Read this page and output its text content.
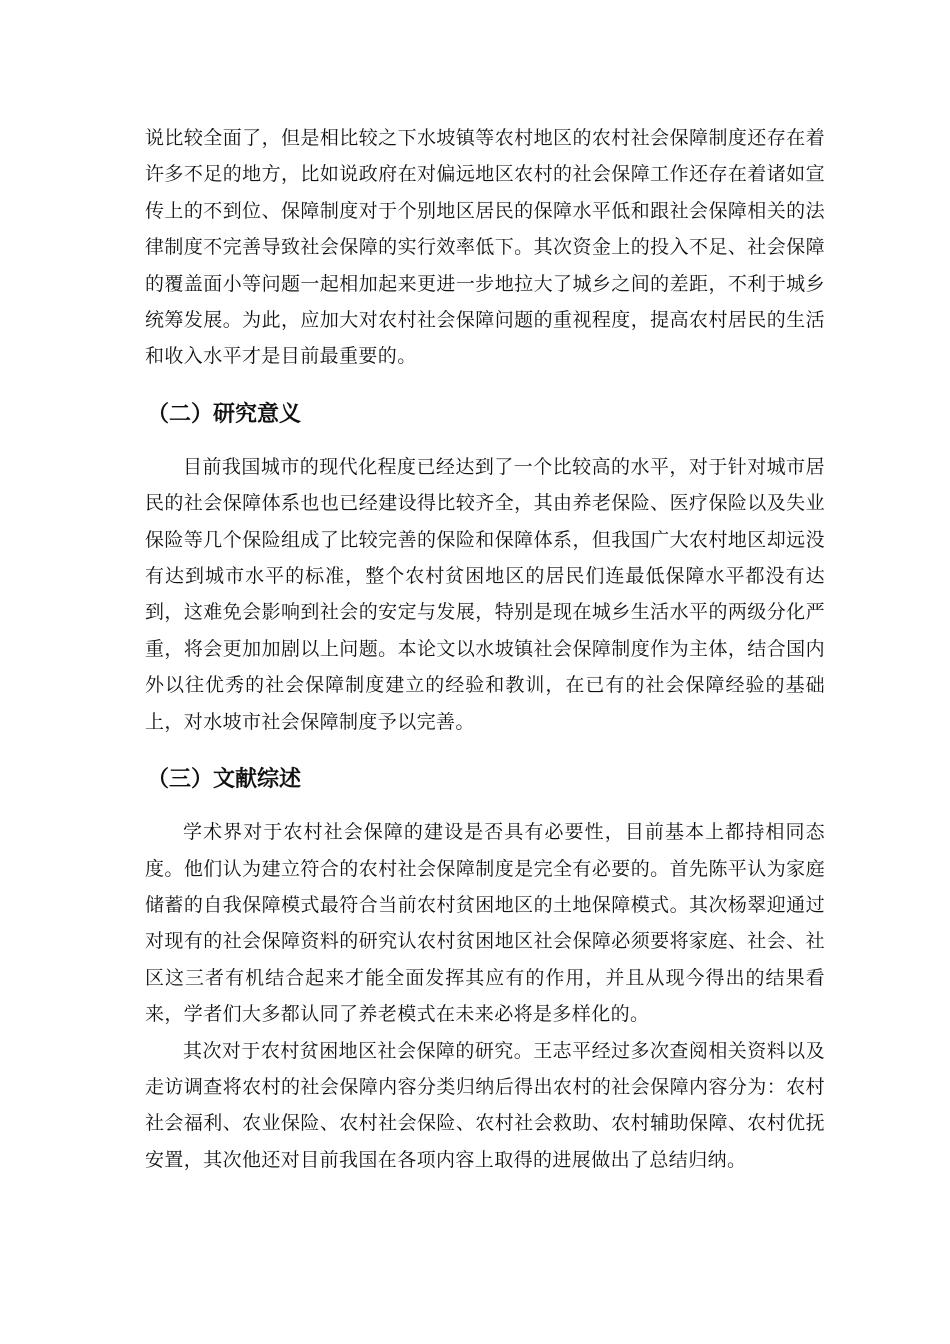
说比较全面了，但是相比较之下水坡镇等农村地区的农村社会保障制度还存在着许多不足的地方，比如说政府在对偏远地区农村的社会保障工作还存在着诸如宣传上的不到位、保障制度对于个别地区居民的保障水平低和跟社会保障相关的法律制度不完善导致社会保障的实行效率低下。其次资金上的投入不足、社会保障的覆盖面小等问题一起相加起来更进一步地拉大了城乡之间的差距，不利于城乡统筹发展。为此，应加大对农村社会保障问题的重视程度，提高农村居民的生活和收入水平才是目前最重要的。

（二）研究意义

目前我国城市的现代化程度已经达到了一个比较高的水平，对于针对城市居民的社会保障体系也也已经建设得比较齐全，其由养老保险、医疗保险以及失业保险等几个保险组成了比较完善的保险和保障体系，但我国广大农村地区却远没有达到城市水平的标准，整个农村贫困地区的居民们连最低保障水平都没有达到，这难免会影响到社会的安定与发展，特别是现在城乡生活水平的两级分化严重，将会更加加剧以上问题。本论文以水坡镇社会保障制度作为主体，结合国内外以往优秀的社会保障制度建立的经验和教训，在已有的社会保障经验的基础上，对水坡市社会保障制度予以完善。

（三）文献综述

学术界对于农村社会保障的建设是否具有必要性，目前基本上都持相同态度。他们认为建立符合的农村社会保障制度是完全有必要的。首先陈平认为家庭储蓄的自我保障模式最符合当前农村贫困地区的土地保障模式。其次杨翠迎通过对现有的社会保障资料的研究认农村贫困地区社会保障必须要将家庭、社会、社区这三者有机结合起来才能全面发挥其应有的作用，并且从现今得出的结果看来，学者们大多都认同了养老模式在未来必将是多样化的。

其次对于农村贫困地区社会保障的研究。王志平经过多次查阅相关资料以及走访调查将农村的社会保障内容分类归纳后得出农村的社会保障内容分为：农村社会福利、农业保险、农村社会保险、农村社会救助、农村辅助保障、农村优抚安置，其次他还对目前我国在各项内容上取得的进展做出了总结归纳。
